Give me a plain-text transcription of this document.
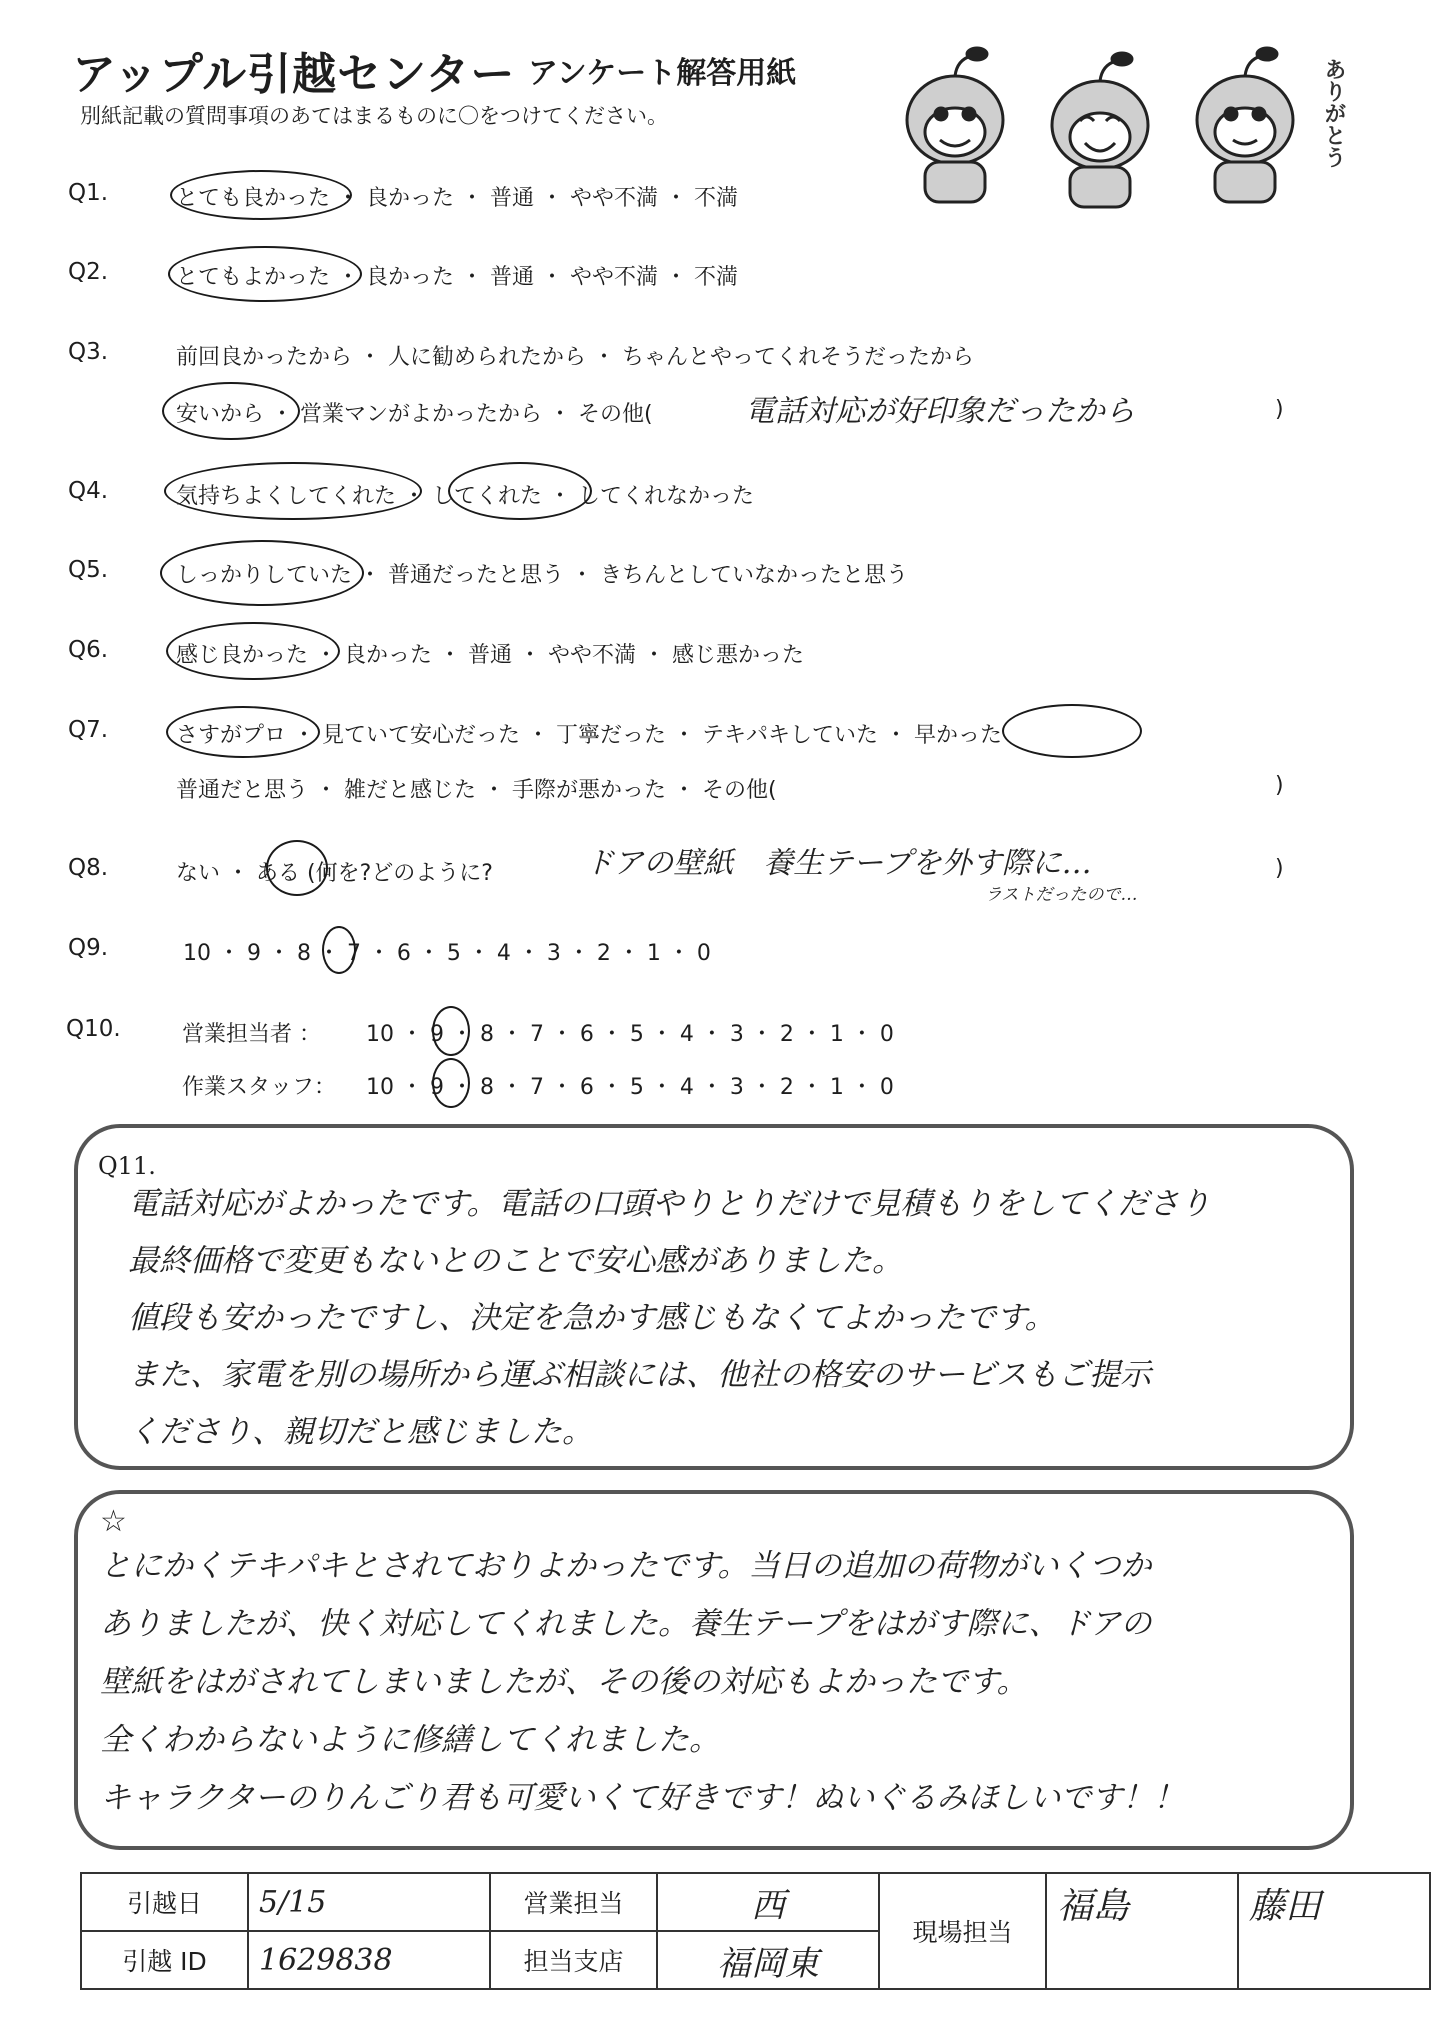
アップル引越センター アンケート解答用紙
別紙記載の質問事項のあてはまるものに〇をつけてください。	ありがとう
Q1.	とても良かった ・ 良かった ・ 普通 ・ やや不満 ・ 不満
Q2.	とてもよかった ・ 良かった ・ 普通 ・ やや不満 ・ 不満
Q3.	前回良かったから ・ 人に勧められたから ・ ちゃんとやってくれそうだったから
安いから ・ 営業マンがよかったから ・ その他(	電話対応が好印象だったから	)
Q4.	気持ちよくしてくれた ・ してくれた ・ してくれなかった
Q5.	しっかりしていた ・ 普通だったと思う ・ きちんとしていなかったと思う
Q6.	感じ良かった ・ 良かった ・ 普通 ・ やや不満 ・ 感じ悪かった
Q7.	さすがプロ ・ 見ていて安心だった ・ 丁寧だった ・ テキパキしていた ・ 早かった
普通だと思う ・ 雑だと感じた ・ 手際が悪かった ・ その他(	)
Q8.	ない ・ ある (何を?どのように?	ドアの壁紙　養生テープを外す際に…
ラストだったので…
)
Q9.	10 ・ 9 ・ 8 ・ 7 ・ 6 ・ 5 ・ 4 ・ 3 ・ 2 ・ 1 ・ 0
Q10.	営業担当者 ： 10 ・ 9 ・ 8 ・ 7 ・ 6 ・ 5 ・ 4 ・ 3 ・ 2 ・ 1 ・ 0
作業スタッフ： 10 ・ 9 ・ 8 ・ 7 ・ 6 ・ 5 ・ 4 ・ 3 ・ 2 ・ 1 ・ 0
Q11.
電話対応がよかったです。電話の口頭やりとりだけで見積もりをしてくださり
最終価格で変更もないとのことで安心感がありました。
値段も安かったですし、決定を急かす感じもなくてよかったです。
また、家電を別の場所から運ぶ相談には、他社の格安のサービスもご提示
くださり、親切だと感じました。
☆
とにかくテキパキとされておりよかったです。当日の追加の荷物がいくつか
ありましたが、快く対応してくれました。養生テープをはがす際に、ドアの
壁紙をはがされてしまいましたが、その後の対応もよかったです。
全くわからないように修繕してくれました。
キャラクターのりんごり君も可愛いくて好きです！ぬいぐるみほしいです！！
引越日	5/15	営業担当	西	現場担当	福島	藤田
引越 ID	1629838	担当支店	福岡東			
